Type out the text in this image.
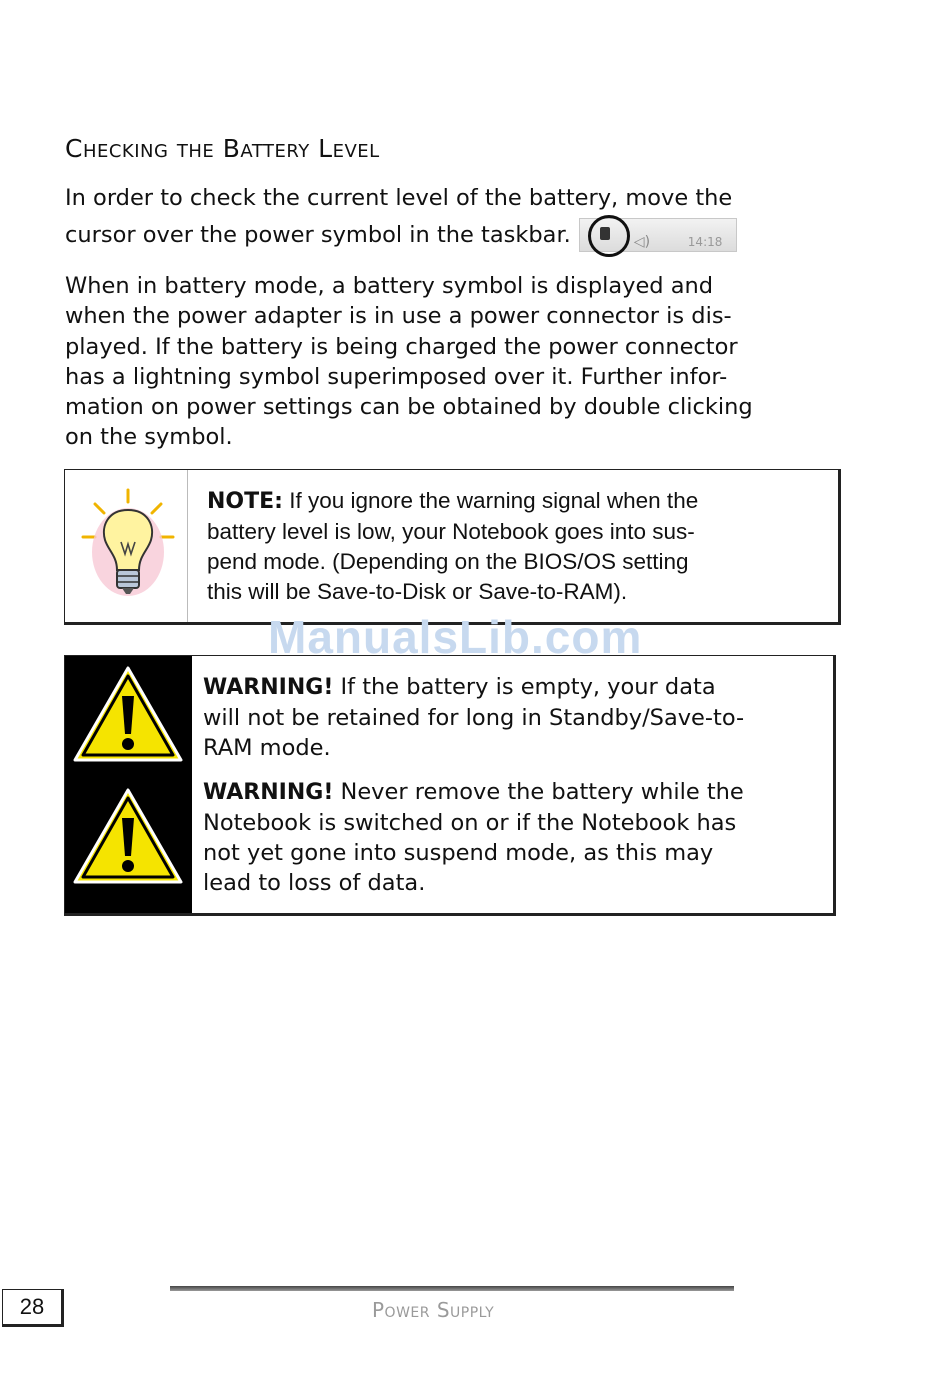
Checking the Battery Level
In order to check the current level of the battery, move the
cursor over the power symbol in the taskbar.	◁)	14:18
When in battery mode, a battery symbol is displayed and
when the power adapter is in use a power connector is dis-
played. If the battery is being charged the power connector
has a lightning symbol superimposed over it. Further infor-
mation on power settings can be obtained by double clicking
on the symbol.
NOTE: If you ignore the warning signal when the
battery level is low, your Notebook goes into sus-
pend mode. (Depending on the BIOS/OS setting
this will be Save-to-Disk or Save-to-RAM).
ManualsLib.com

WARNING! If the battery is empty, your data
will not be retained for long in Standby/Save-to-
RAM mode.

WARNING! Never remove the battery while the
Notebook is switched on or if the Notebook has
not yet gone into suspend mode, as this may
lead to loss of data.

28	Power Supply
